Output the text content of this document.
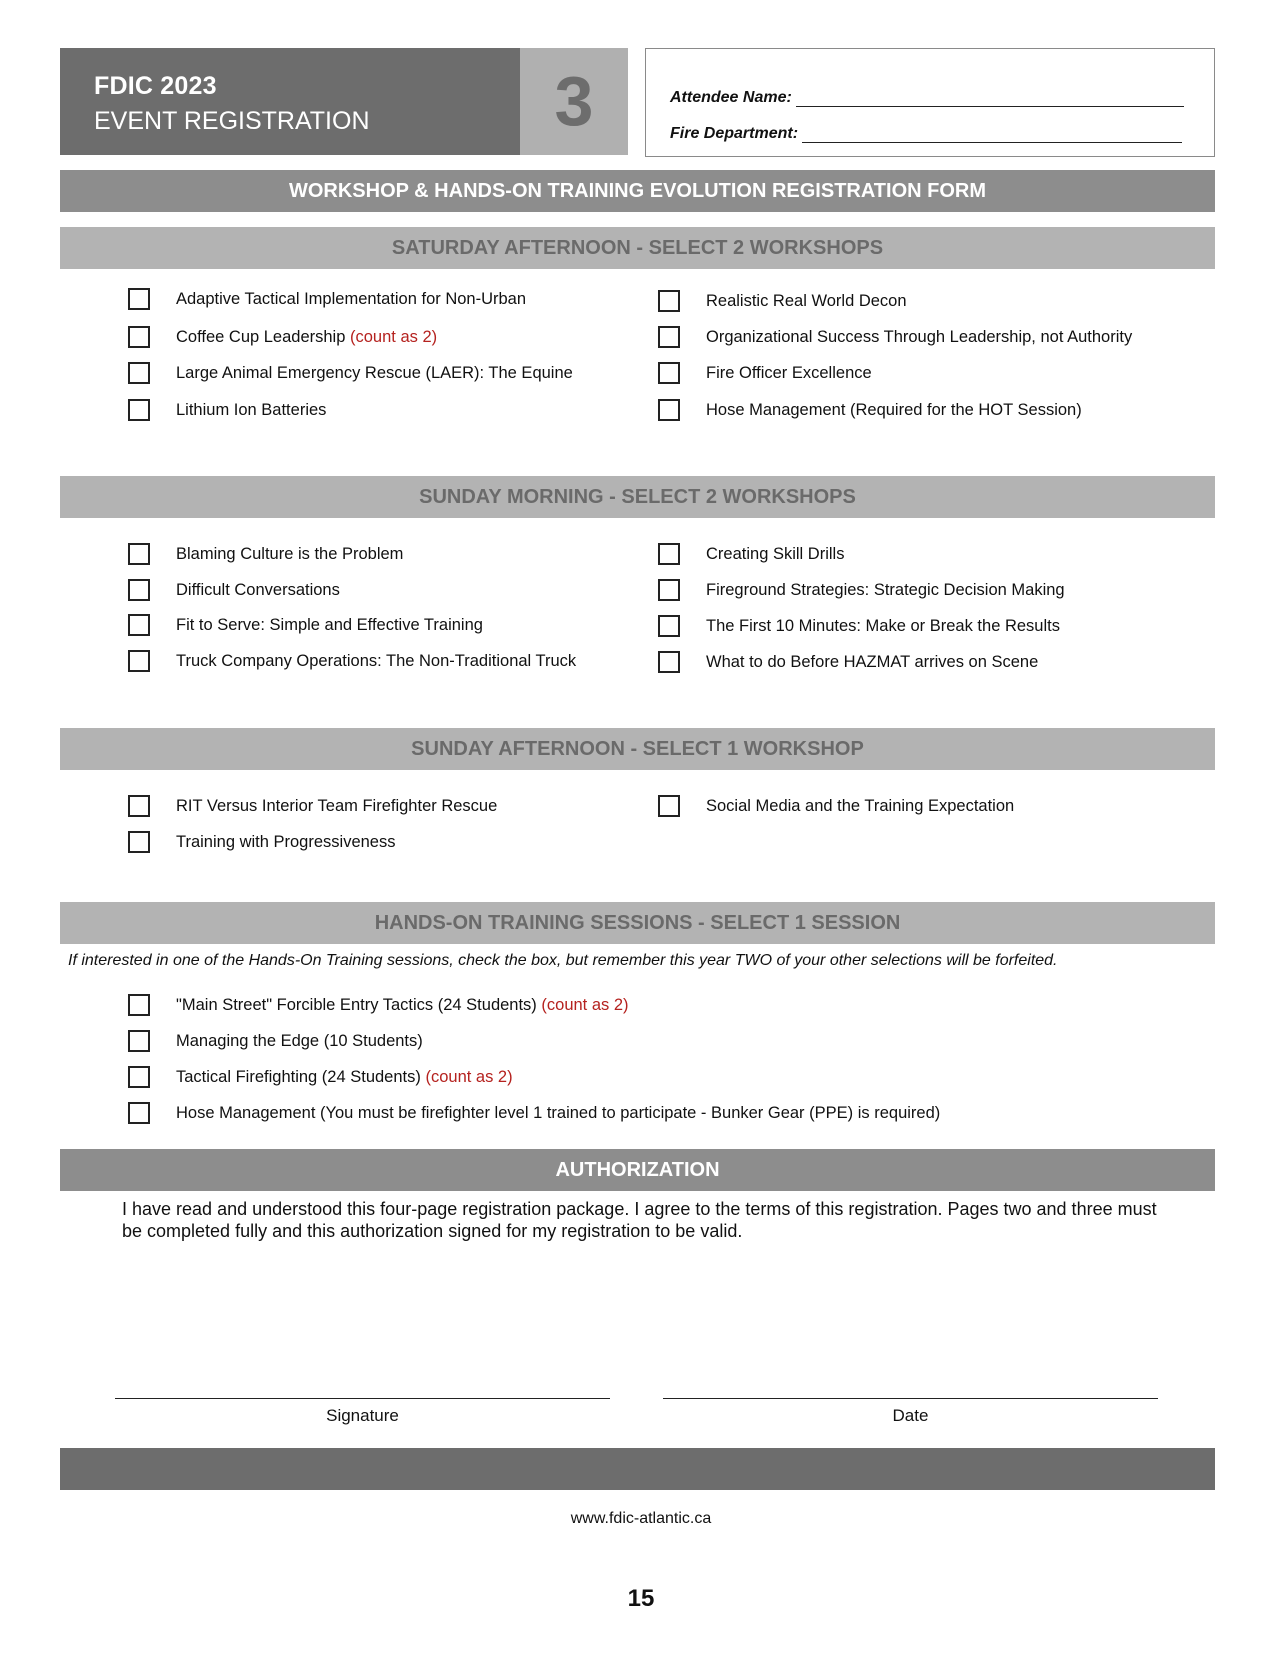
FDIC 2023
EVENT REGISTRATION	3	Attendee Name:
Fire Department:
WORKSHOP & HANDS-ON TRAINING EVOLUTION REGISTRATION FORM
SATURDAY AFTERNOON - SELECT 2 WORKSHOPS
Adaptive Tactical Implementation for Non-Urban
Coffee Cup Leadership
(count as 2)
Large Animal Emergency Rescue (LAER): The Equine
Lithium Ion Batteries
Realistic Real World Decon
Organizational Success Through Leadership, not Authority
Fire Officer Excellence
Hose Management (Required for the HOT Session)
SUNDAY MORNING - SELECT 2 WORKSHOPS
Blaming Culture is the Problem
Difficult Conversations
Fit to Serve: Simple and Effective Training
Truck Company Operations: The Non-Traditional Truck
Creating Skill Drills
Fireground Strategies: Strategic Decision Making
The First 10 Minutes: Make or Break the Results
What to do Before HAZMAT arrives on Scene
SUNDAY AFTERNOON - SELECT 1 WORKSHOP
RIT Versus Interior Team Firefighter Rescue
Training with Progressiveness
Social Media and the Training Expectation
HANDS-ON TRAINING SESSIONS - SELECT 1 SESSION
If interested in one of the Hands-On Training sessions, check the box, but remember this year TWO of your other selections will be forfeited.
"Main Street" Forcible Entry Tactics (24 Students)
(count as 2)
Managing the Edge (10 Students)
Tactical Firefighting (24 Students)
(count as 2)
Hose Management (You must be firefighter level 1 trained to participate - Bunker Gear (PPE) is required)
AUTHORIZATION
I have read and understood this four-page registration package. I agree to the terms of this registration. Pages two and three must be completed fully and this authorization signed for my registration to be valid.
Signature	Date
www.fdic-atlantic.ca
15
